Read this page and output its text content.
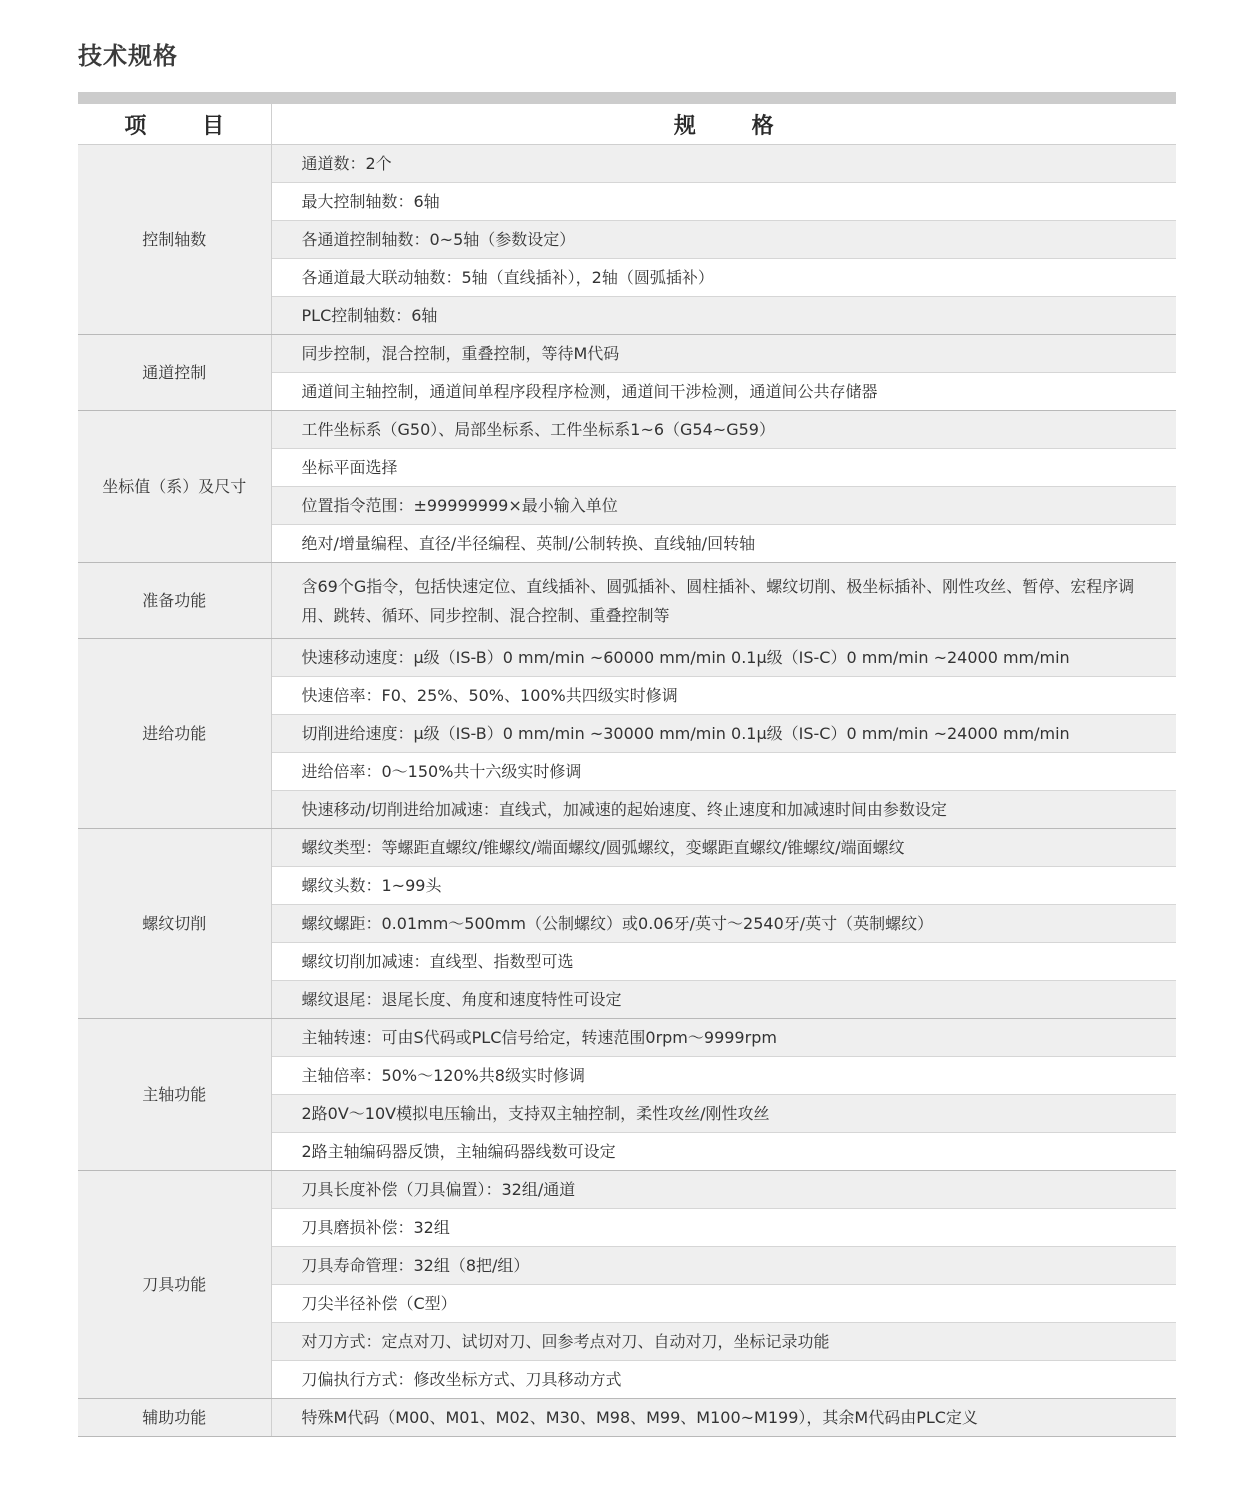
技术规格
项 目	规 格
控制轴数	通道数：2个
	最大控制轴数：6轴
	各通道控制轴数：0~5轴（参数设定）
	各通道最大联动轴数：5轴（直线插补），2轴（圆弧插补）
	PLC控制轴数：6轴
通道控制	同步控制，混合控制，重叠控制，等待M代码
	通道间主轴控制，通道间单程序段程序检测，通道间干涉检测，通道间公共存储器
坐标值（系）及尺寸	工件坐标系（G50）、局部坐标系、工件坐标系1~6（G54~G59）
	坐标平面选择
	位置指令范围：±99999999×最小输入单位
	绝对/增量编程、直径/半径编程、英制/公制转换、直线轴/回转轴
准备功能	含69个G指令，包括快速定位、直线插补、圆弧插补、圆柱插补、螺纹切削、极坐标插补、刚性攻丝、暂停、宏程序调用、跳转、循环、同步控制、混合控制、重叠控制等
进给功能	快速移动速度：μ级（IS-B）0 mm/min ~60000 mm/min 0.1μ级（IS-C）0 mm/min ~24000 mm/min
	快速倍率：F0、25%、50%、100%共四级实时修调
	切削进给速度：μ级（IS-B）0 mm/min ~30000 mm/min 0.1μ级（IS-C）0 mm/min ~24000 mm/min
	进给倍率：0～150%共十六级实时修调
	快速移动/切削进给加减速：直线式，加减速的起始速度、终止速度和加减速时间由参数设定
螺纹切削	螺纹类型：等螺距直螺纹/锥螺纹/端面螺纹/圆弧螺纹，变螺距直螺纹/锥螺纹/端面螺纹
	螺纹头数：1~99头
	螺纹螺距：0.01mm～500mm（公制螺纹）或0.06牙/英寸～2540牙/英寸（英制螺纹）
	螺纹切削加减速：直线型、指数型可选
	螺纹退尾：退尾长度、角度和速度特性可设定
主轴功能	主轴转速：可由S代码或PLC信号给定，转速范围0rpm～9999rpm
	主轴倍率：50%～120%共8级实时修调
	2路0V～10V模拟电压输出，支持双主轴控制，柔性攻丝/刚性攻丝
	2路主轴编码器反馈，主轴编码器线数可设定
刀具功能	刀具长度补偿（刀具偏置）：32组/通道
	刀具磨损补偿：32组
	刀具寿命管理：32组（8把/组）
	刀尖半径补偿（C型）
	对刀方式：定点对刀、试切对刀、回参考点对刀、自动对刀，坐标记录功能
	刀偏执行方式：修改坐标方式、刀具移动方式
辅助功能	特殊M代码（M00、M01、M02、M30、M98、M99、M100~M199），其余M代码由PLC定义
